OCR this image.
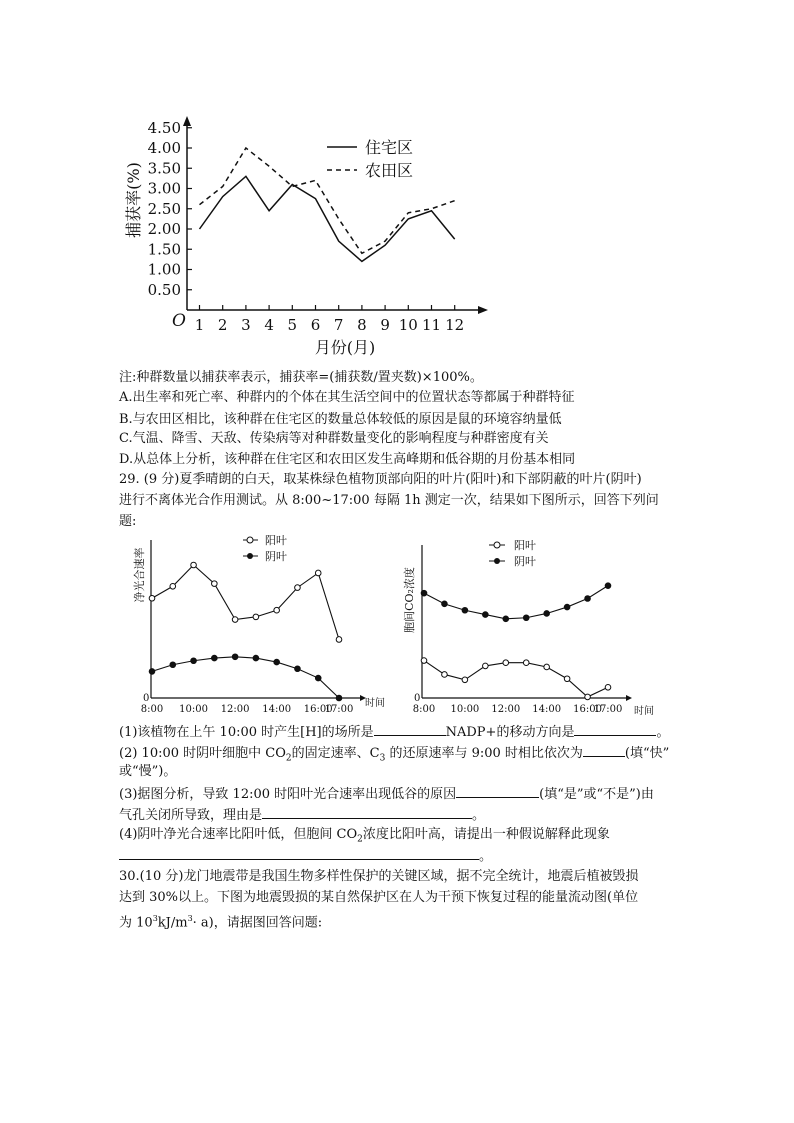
捕获率(%)
4.50
4.00
3.50
3.00
2.50
2.00
1.50
1.00
0.50
1 2 3 4 5 6 7 8 9 10 11 12
O
月份(月)
住宅区
农田区
注:种群数量以捕获率表示，捕获率=(捕获数/置夹数)×100%。
A.出生率和死亡率、种群内的个体在其生活空间中的位置状态等都属于种群特征
B.与农田区相比，该种群在住宅区的数量总体较低的原因是鼠的环境容纳量低
C.气温、降雪、天敌、传染病等对种群数量变化的影响程度与种群密度有关
D.从总体上分析，该种群在住宅区和农田区发生高峰期和低谷期的月份基本相同
29. (9 分)夏季晴朗的白天，取某株绿色植物顶部向阳的叶片(阳叶)和下部阴蔽的叶片(阴叶)
进行不离体光合作用测试。从 8:00~17:00 每隔 1h 测定一次，结果如下图所示，回答下列问
题:
净光合速率
0	时间
8:00 10:00 12:00 14:00 16:00
17:00
阳叶
阴叶
胞间CO₂浓度
0
时间
8:00 10:00 12:00 14:00 16:00
17:00
阳叶
阴叶
(1)该植物在上午 10:00 时产生[H]的场所是	NADP+的移动方向是	。
(2) 10:00 时阴叶细胞中 $CO_2$的固定速率、$C_3$ 的还原速率与 9:00 时相比依次为	(填“快”
或“慢”)。
(3)据图分析，导致 12:00 时阳叶光合速率出现低谷的原因	(填“是”或“不是”)由
气孔关闭所导致，理由是	。
(4)阴叶净光合速率比阳叶低，但胞间 $CO_2$浓度比阳叶高，请提出一种假说解释此现象
。
30.(10 分)龙门地震带是我国生物多样性保护的关键区域，据不完全统计，地震后植被毁损
达到 30%以上。下图为地震毁损的某自然保护区在人为干预下恢复过程的能量流动图(单位
为 $10^3kJ/m^3\cdot a$)，请据图回答问题:
